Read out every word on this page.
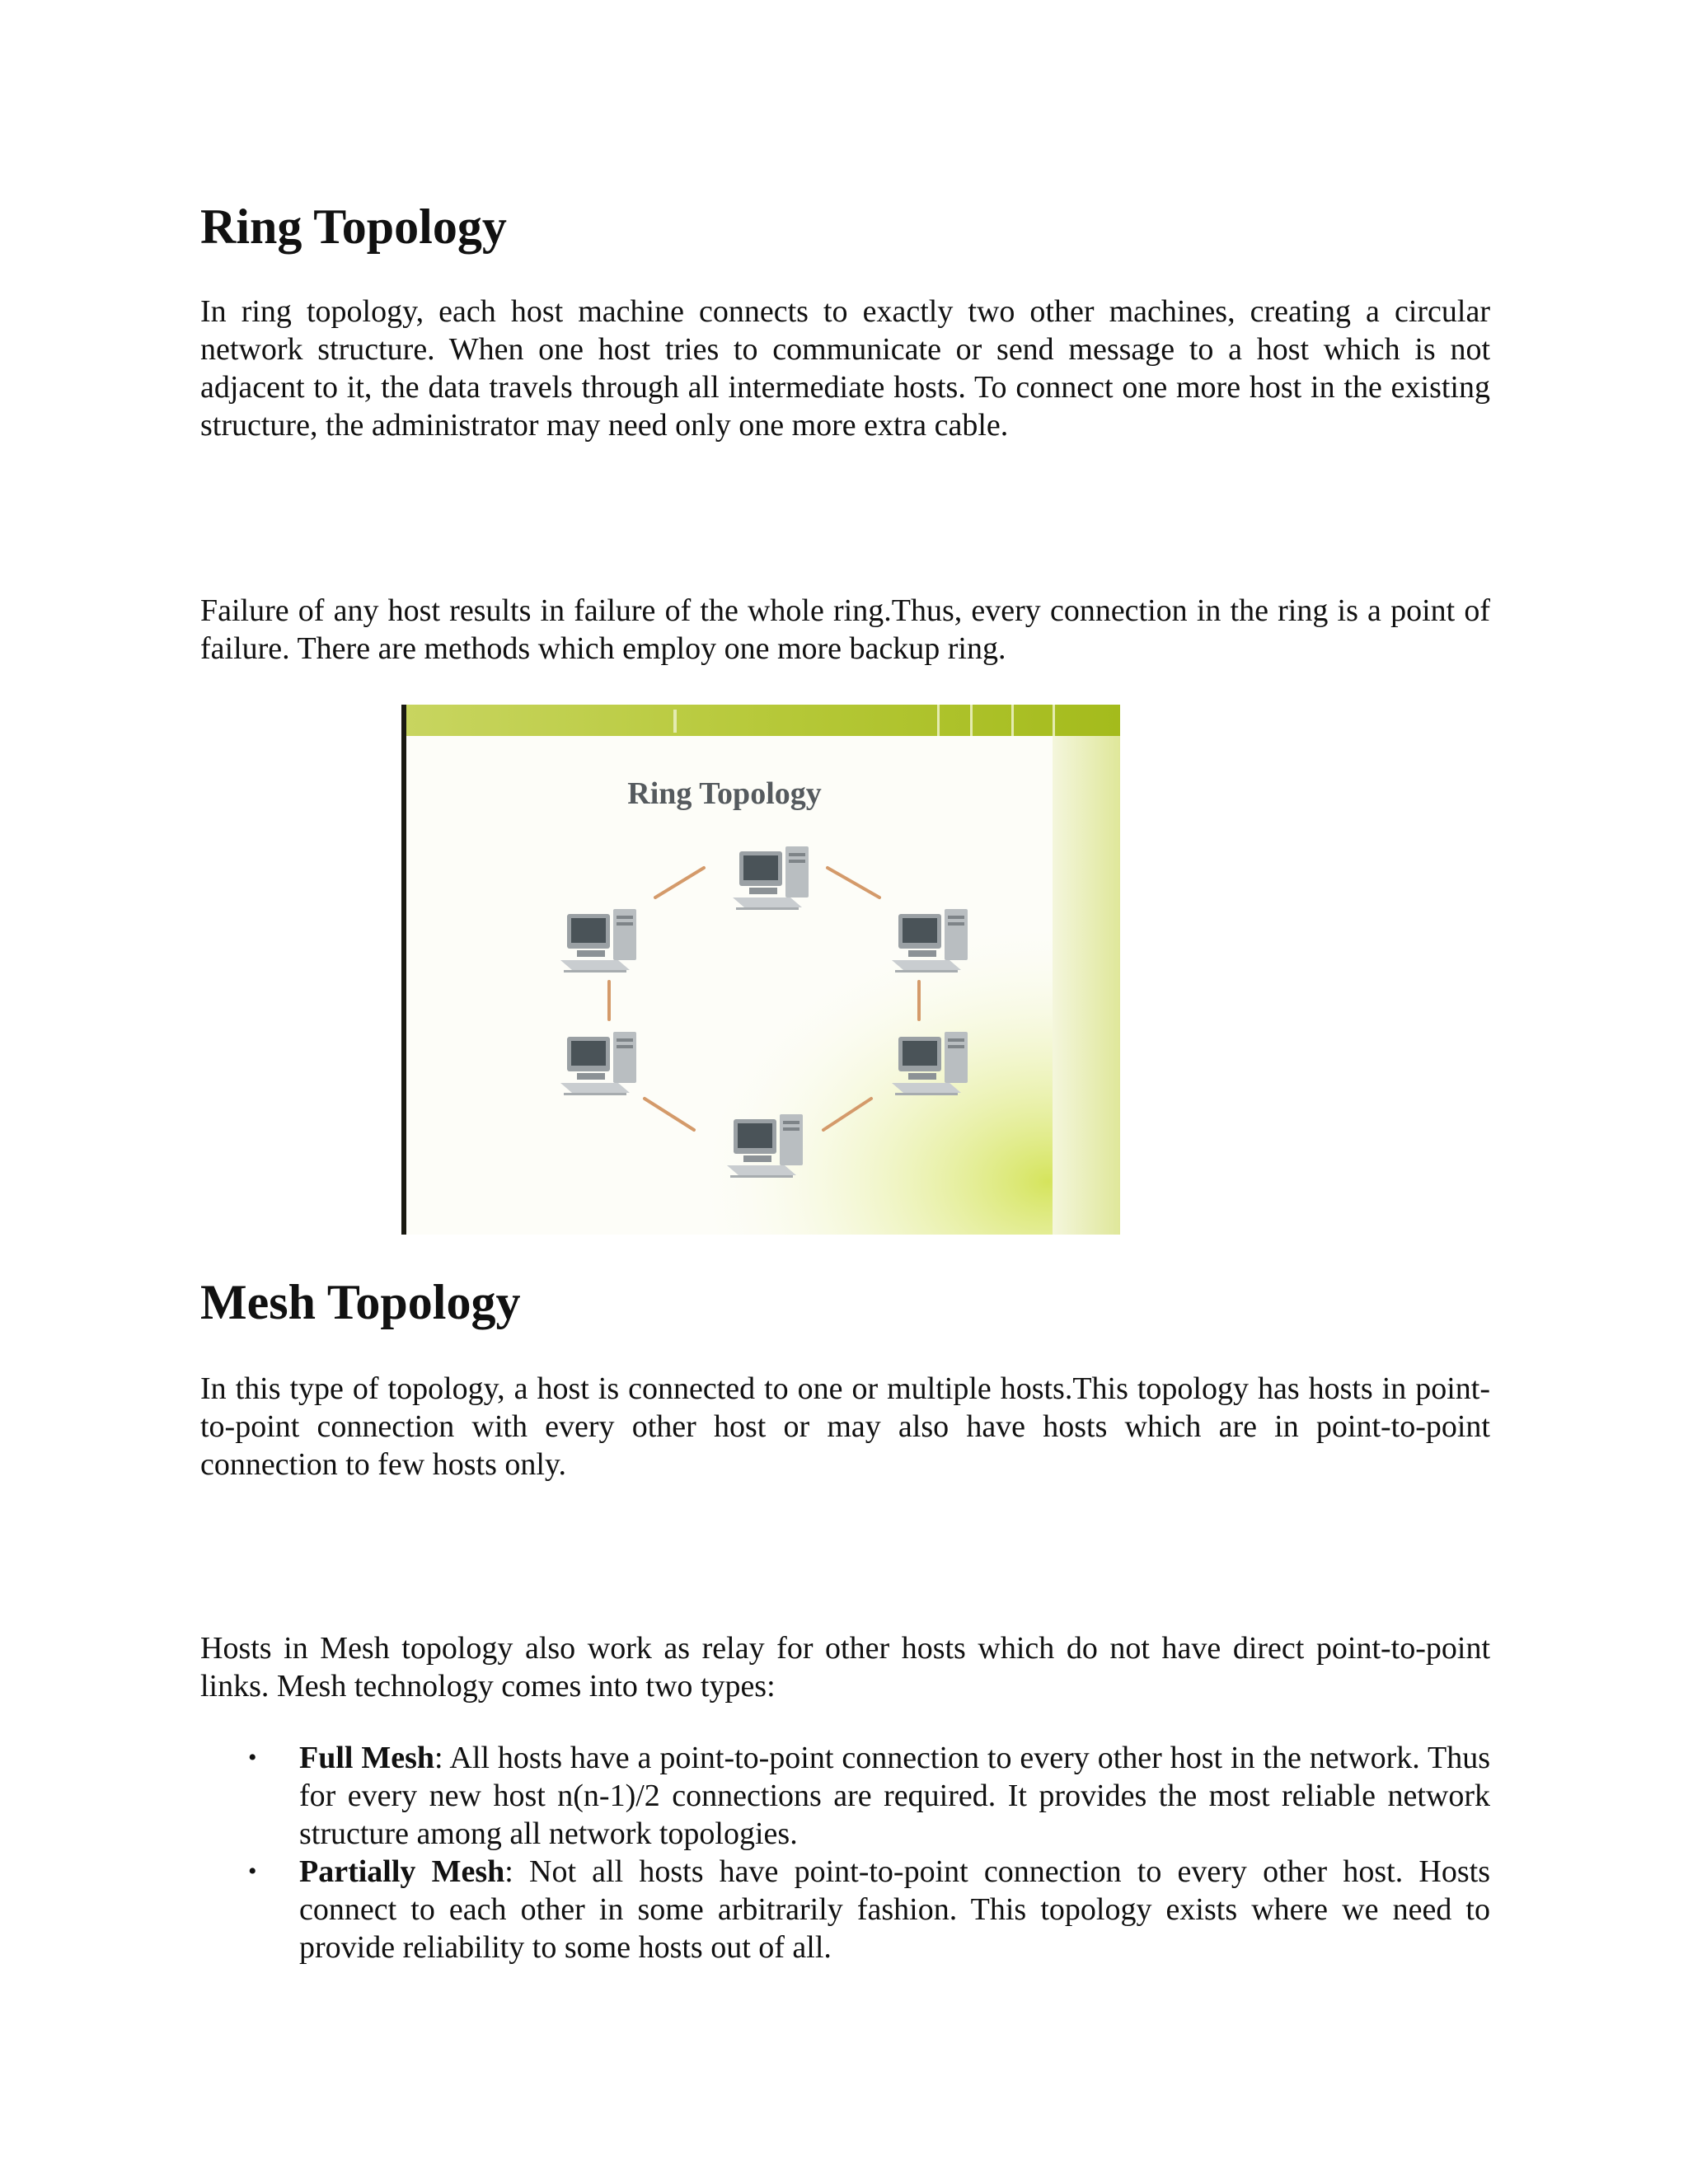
Ring Topology

In ring topology, each host machine connects to exactly two other machines, creating a circular network structure. When one host tries to communicate or send message to a host which is not adjacent to it, the data travels through all intermediate hosts. To connect one more host in the existing structure, the administrator may need only one more extra cable.

Failure of any host results in failure of the whole ring.Thus, every connection in the ring is a point of failure. There are methods which employ one more backup ring.

Ring Topology
Mesh Topology

In this type of topology, a host is connected to one or multiple hosts.This topology has hosts in point-to-point connection with every other host or may also have hosts which are in point-to-point connection to few hosts only.

Hosts in Mesh topology also work as relay for other hosts which do not have direct point-to-point links. Mesh technology comes into two types:

• Full Mesh: All hosts have a point-to-point connection to every other host in the network. Thus for every new host n(n-1)/2 connections are required. It provides the most reliable network structure among all network topologies.
• Partially Mesh: Not all hosts have point-to-point connection to every other host. Hosts connect to each other in some arbitrarily fashion. This topology exists where we need to provide reliability to some hosts out of all.
